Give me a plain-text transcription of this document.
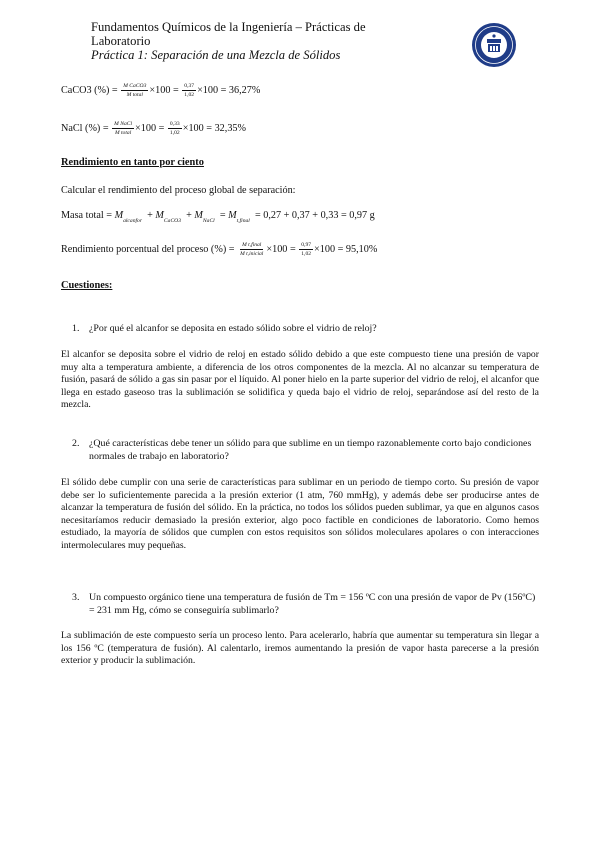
Fundamentos Químicos de la Ingeniería – Prácticas de
Laboratorio
Práctica 1: Separación de una Mezcla de Sólidos
CaCO3 (%) =
$\frac{\text{M CaCO3}}{\text{M total}} \times 100$ =
$\frac{0,37}{1,02} \times 100 = 36,27\%$
NaCl (%) =
$\frac{\text{M NaCl}}{\text{M total}} \times 100$ =
$\frac{0,33}{1,02} \times 100 = 32,35\%$
Rendimiento en tanto por ciento
Calcular el rendimiento del proceso global de separación:
Masa total = $M_{alcanfor} + M_{CaCO3} + M_{NaCl} = M_{t,final} = 0,27 + 0,37 + 0,33 = 0,97$ g
Rendimiento porcentual del proceso (%) =
$\frac{\text{M t,final}}{\text{M t,inicial}} \times 100$ =
$\frac{0,97}{1,02} \times 100 = 95,10\%$
Cuestiones:
1. ¿Por qué el alcanfor se deposita en estado sólido sobre el vidrio de reloj?
El alcanfor se deposita sobre el vidrio de reloj en estado sólido debido a que este compuesto tiene una presión de vapor muy alta a temperatura ambiente, a diferencia de los otros componentes de la mezcla. Al no alcanzar su temperatura de fusión, pasará de sólido a gas sin pasar por el líquido. Al poner hielo en la parte superior del vidrio de reloj, el alcanfor que llega en estado gaseoso tras la sublimación se solidifica y queda bajo el vidrio de reloj, separándose así del resto de la mezcla.
2. ¿Qué características debe tener un sólido para que sublime en un tiempo razonablemente corto bajo condiciones normales de trabajo en laboratorio?
El sólido debe cumplir con una serie de características para sublimar en un periodo de tiempo corto. Su presión de vapor debe ser lo suficientemente parecida a la presión exterior (1 atm, 760 mmHg), y además debe ser producirse antes de alcanzar la temperatura de fusión del sólido. En la práctica, no todos los sólidos pueden sublimar, ya que en algunos casos necesitaríamos reducir demasiado la presión exterior, algo poco factible en condiciones de laboratorio. Como hemos estudiado, la mayoría de sólidos que cumplen con estos requisitos son sólidos moleculares apolares o con interacciones intermoleculares muy pequeñas.
3. Un compuesto orgánico tiene una temperatura de fusión de Tm = 156 ºC con una presión de vapor de Pv (156ºC) = 231 mm Hg, cómo se conseguiría sublimarlo?
La sublimación de este compuesto sería un proceso lento. Para acelerarlo, habría que aumentar su temperatura sin llegar a los 156 ºC (temperatura de fusión). Al calentarlo, iremos aumentando la presión de vapor hasta parecerse a la presión exterior y producir la sublimación.
